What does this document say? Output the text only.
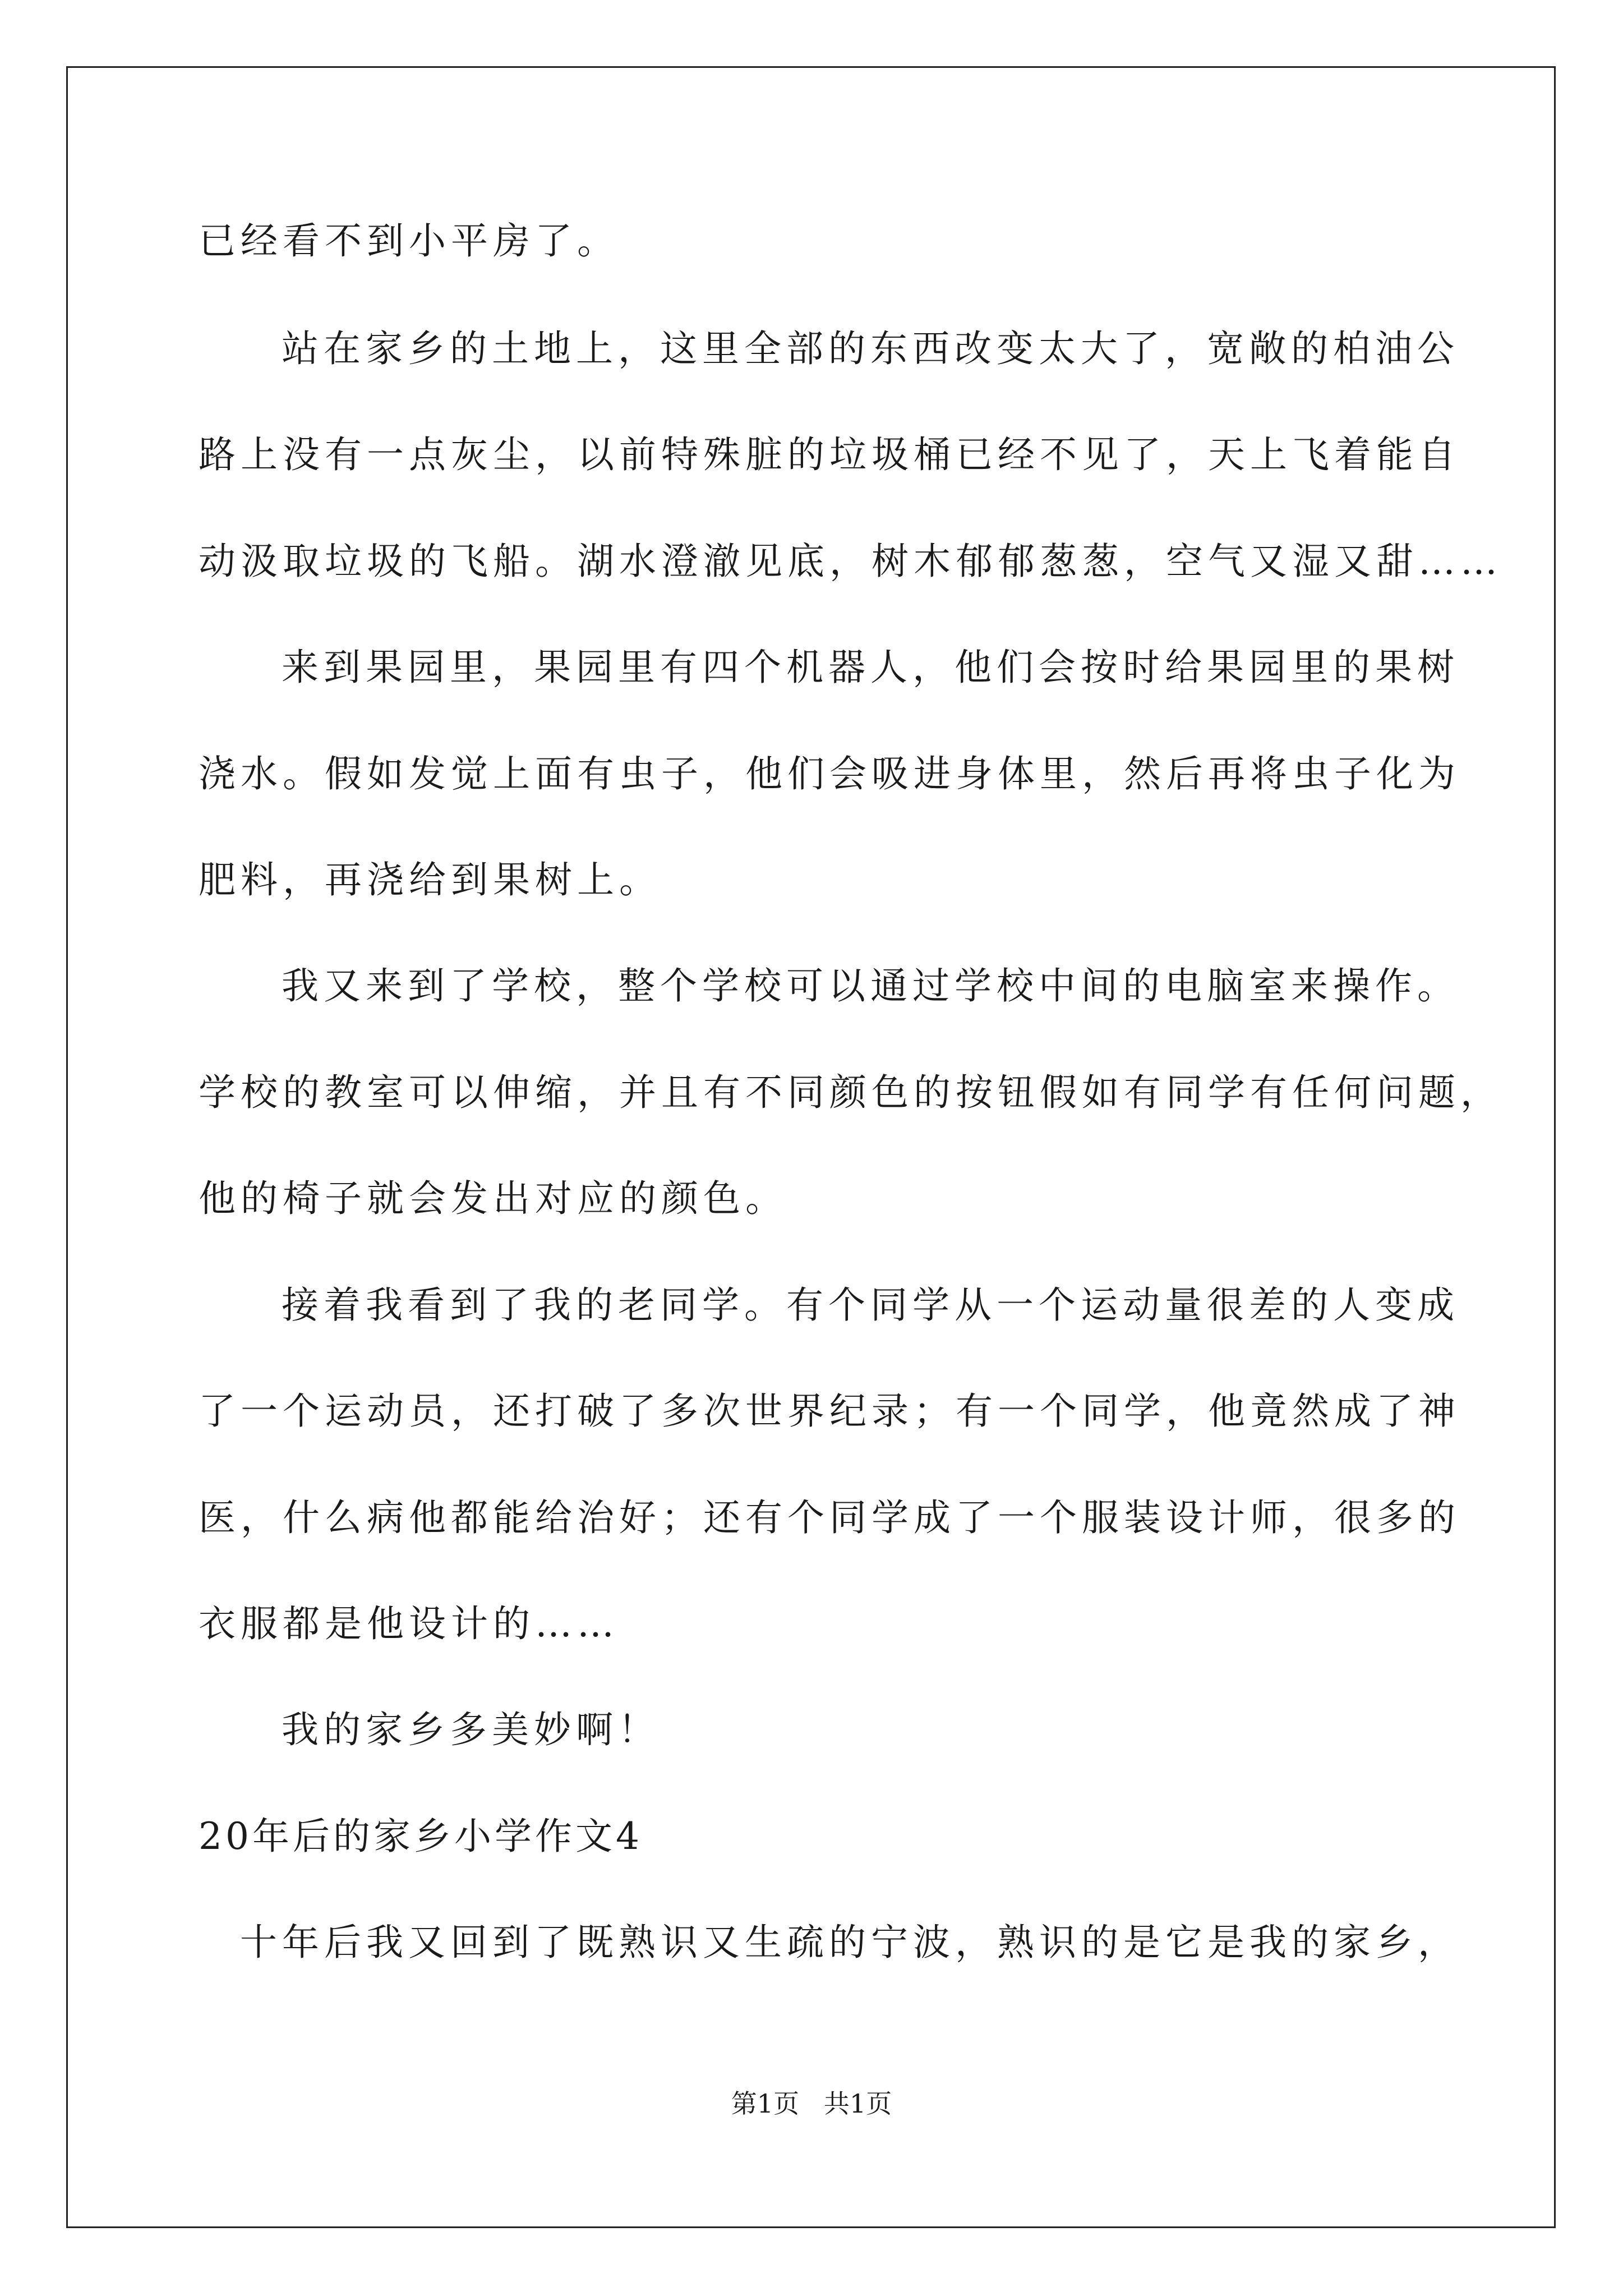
已经看不到小平房了。
站在家乡的土地上，这里全部的东西改变太大了，宽敞的柏油公
路上没有一点灰尘，以前特殊脏的垃圾桶已经不见了，天上飞着能自
动汲取垃圾的飞船。湖水澄澈见底，树木郁郁葱葱，空气又湿又甜……
来到果园里，果园里有四个机器人，他们会按时给果园里的果树
浇水。假如发觉上面有虫子，他们会吸进身体里，然后再将虫子化为
肥料，再浇给到果树上。
我又来到了学校，整个学校可以通过学校中间的电脑室来操作。
学校的教室可以伸缩，并且有不同颜色的按钮假如有同学有任何问题，
他的椅子就会发出对应的颜色。
接着我看到了我的老同学。有个同学从一个运动量很差的人变成
了一个运动员，还打破了多次世界纪录；有一个同学，他竟然成了神
医，什么病他都能给治好；还有个同学成了一个服装设计师，很多的
衣服都是他设计的……
我的家乡多美妙啊！
20年后的家乡小学作文4
十年后我又回到了既熟识又生疏的宁波，熟识的是它是我的家乡，
第1页   共1页
